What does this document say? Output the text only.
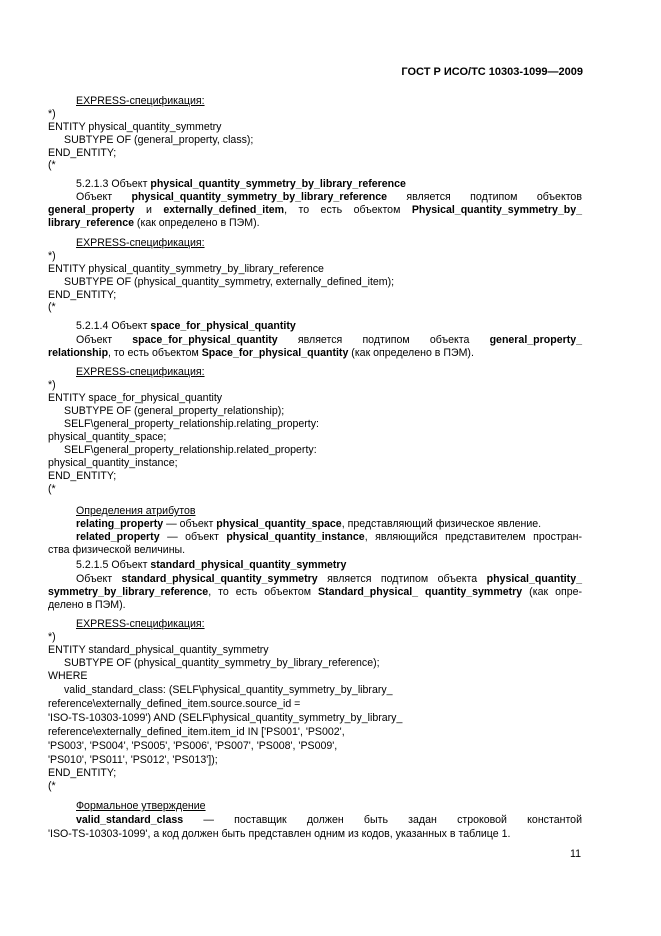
ГОСТ Р ИСО/ТС 10303-1099—2009
EXPRESS-спецификация:
*)
ENTITY physical_quantity_symmetry
SUBTYPE OF (general_property, class);
END_ENTITY;
(*
5.2.1.3 Объект physical_quantity_symmetry_by_library_reference
Объект physical_quantity_symmetry_by_library_reference является подтипом объектов
general_property и externally_defined_item, то есть объектом Physical_quantity_symmetry_by_
library_reference (как определено в ПЭМ).
EXPRESS-спецификация:
*)
ENTITY physical_quantity_symmetry_by_library_reference
SUBTYPE OF (physical_quantity_symmetry, externally_defined_item);
END_ENTITY;
(*
5.2.1.4 Объект space_for_physical_quantity
Объект space_for_physical_quantity является подтипом объекта general_property_
relationship, то есть объектом Space_for_physical_quantity (как определено в ПЭМ).
EXPRESS-спецификация:
*)
ENTITY space_for_physical_quantity
SUBTYPE OF (general_property_relationship);
SELF\general_property_relationship.relating_property:
physical_quantity_space;
SELF\general_property_relationship.related_property:
physical_quantity_instance;
END_ENTITY;
(*
Определения атрибутов
relating_property — объект physical_quantity_space, представляющий физическое явление.
related_property — объект physical_quantity_instance, являющийся представителем простран-
ства физической величины.
5.2.1.5 Объект standard_physical_quantity_symmetry
Объект standard_physical_quantity_symmetry является подтипом объекта physical_quantity_
symmetry_by_library_reference, то есть объектом Standard_physical_ quantity_symmetry (как опре-
делено в ПЭМ).
EXPRESS-спецификация:
*)
ENTITY standard_physical_quantity_symmetry
SUBTYPE OF (physical_quantity_symmetry_by_library_reference);
WHERE
valid_standard_class: (SELF\physical_quantity_symmetry_by_library_
reference\externally_defined_item.source.source_id =
'ISO-TS-10303-1099') AND (SELF\physical_quantity_symmetry_by_library_
reference\externally_defined_item.item_id IN ['PS001', 'PS002',
'PS003', 'PS004', 'PS005', 'PS006', 'PS007', 'PS008', 'PS009',
'PS010', 'PS011', 'PS012', 'PS013']);
END_ENTITY;
(*
Формальное утверждение
valid_standard_class — поставщик должен быть задан строковой константой
'ISO-TS-10303-1099', а код должен быть представлен одним из кодов, указанных в таблице 1.
11
